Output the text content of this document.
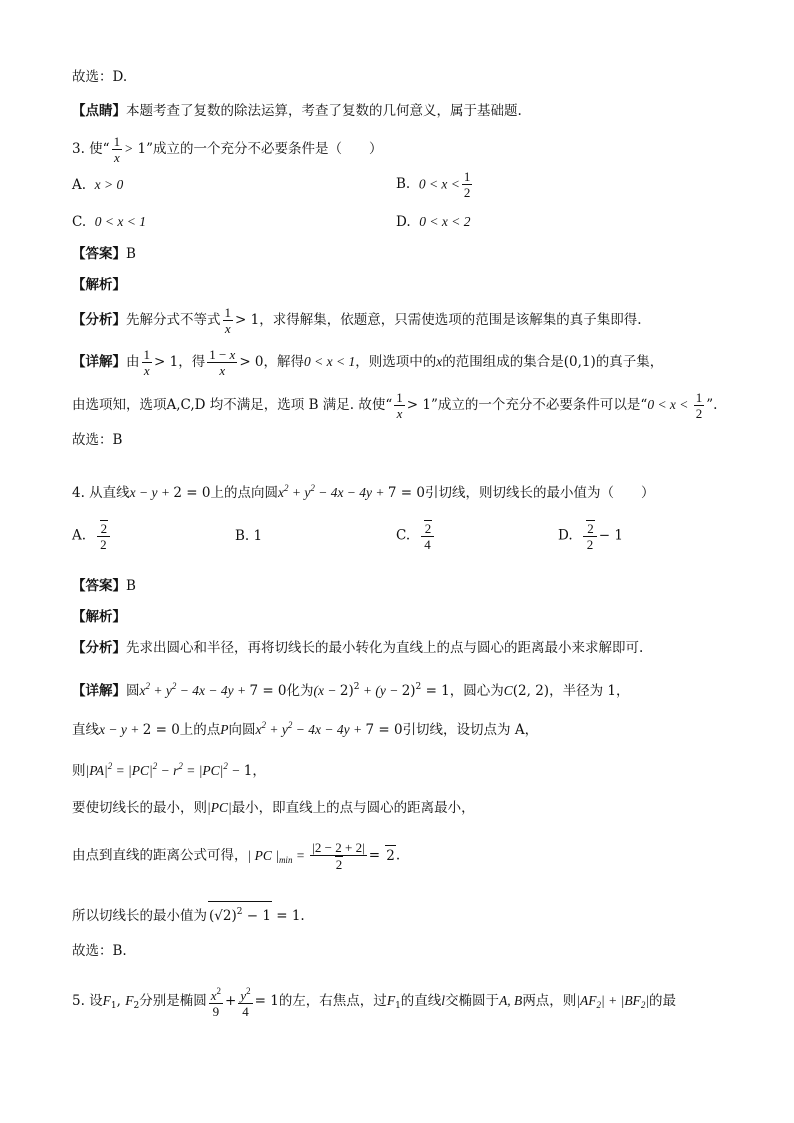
故选：D.
【点睛】本题考查了复数的除法运算，考查了复数的几何意义，属于基础题.
3. 使“ $\frac{1}{x} > 1$”成立的一个充分不必要条件是（　　）
A. x > 0	B. $0 < x < \frac{1}{2}$
C. 0 < x < 1	D. 0 < x < 2
【答案】B
【解析】
【分析】先解分式不等式 $\frac{1}{x} > 1$，求得解集，依题意，只需使选项的范围是该解集的真子集即得.
【详解】由 $\frac{1}{x} > 1$，得 $\frac{1 - x}{x} > 0$，解得0 < x < 1，则选项中的x的范围组成的集合是(0,1)的真子集，
由选项知，选项A,C,D 均不满足，选项 B 满足. 故使“ $\frac{1}{x} > 1$”成立的一个充分不必要条件可以是“$0 < x < \frac{1}{2}$ ”.
故选：B
4. 从直线x − y + 2 = 0上的点向圆$x^2 + y^2 - 4x - 4y + 7 = 0$引切线，则切线长的最小值为（　　）
A. $\frac{2}{2}$	B. 1	C. $\frac{2}{4}$	D. $\frac{2}{2} - 1$
【答案】B
【解析】
【分析】先求出圆心和半径，再将切线长的最小转化为直线上的点与圆心的距离最小来求解即可.
【详解】圆$x^2 + y^2 - 4x - 4y + 7 = 0$化为$(x - 2)^2 + (y - 2)^2 = 1$，圆心为C(2, 2)，半径为 1，
直线x − y + 2 = 0上的点P向圆$x^2 + y^2 - 4x - 4y + 7 = 0$引切线，设切点为 A，
则$|PA|^2 = |PC|^2 - r^2 = |PC|^2 - 1$，
要使切线长的最小，则|PC|最小，即直线上的点与圆心的距离最小，
由点到直线的距离公式可得，| PC $|_{min} = \frac{|2 - 2 + 2|}{2} = 2$.
所以切线长的最小值为 $(√2)^2 - 1 = 1$.
故选：B.
5. 设$F_1$, $F_2$分别是椭圆 $\frac{x^2}{9} + \frac{y^2}{4} = 1$的左，右焦点，过$F_1$的直线l交椭圆于A, B两点，则$|AF_2| + |BF_2|$的最
